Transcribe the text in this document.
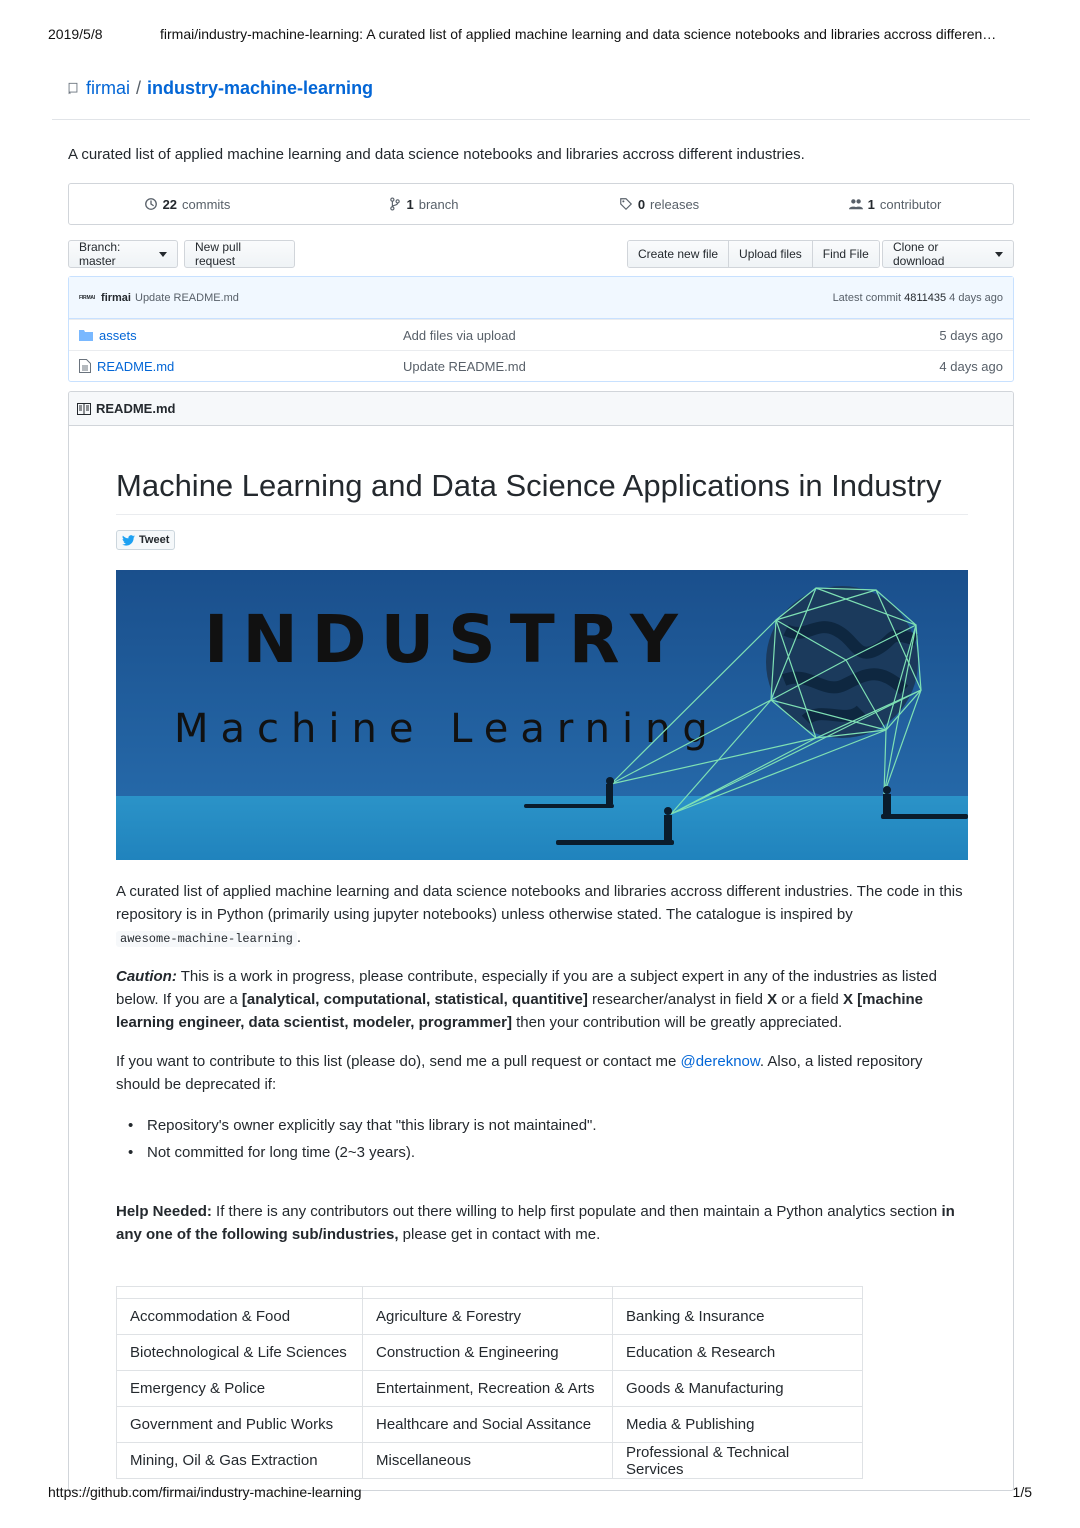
2019/5/8	firmai/industry-machine-learning: A curated list of applied machine learning and data science notebooks and libraries accross differen…
firmai / industry-machine-learning
A curated list of applied machine learning and data science notebooks and libraries accross different industries.
22 commits	1 branch	0 releases	1 contributor
Branch: master
New pull request	Create new file	Upload files	Find File	Clone or download
FIRMAI firmai Update README.md	Latest commit 4811435 4 days ago
assets	Add files via upload	5 days ago
README.md	Update README.md	4 days ago
README.md
Machine Learning and Data Science Applications in Industry
Tweet
INDUSTRY
Machine Learning
A curated list of applied machine learning and data science notebooks and libraries accross different industries. The code in this repository is in Python (primarily using jupyter notebooks) unless otherwise stated. The catalogue is inspired by
awesome-machine-learning .
Caution: This is a work in progress, please contribute, especially if you are a subject expert in any of the industries as listed below. If you are a [analytical, computational, statistical, quantitive] researcher/analyst in field X or a field X [machine learning engineer, data scientist, modeler, programmer] then your contribution will be greatly appreciated.
If you want to contribute to this list (please do), send me a pull request or contact me @dereknow. Also, a listed repository should be deprecated if:
• Repository's owner explicitly say that "this library is not maintained".
• Not committed for long time (2~3 years).
Help Needed: If there is any contributors out there willing to help first populate and then maintain a Python analytics section in any one of the following sub/industries, please get in contact with me.

Accommodation & Food	Agriculture & Forestry	Banking & Insurance
Biotechnological & Life Sciences	Construction & Engineering	Education & Research
Emergency & Police	Entertainment, Recreation & Arts	Goods & Manufacturing
Government and Public Works	Healthcare and Social Assitance	Media & Publishing
Mining, Oil & Gas Extraction	Miscellaneous	Professional & Technical Services
https://github.com/firmai/industry-machine-learning	1/5
